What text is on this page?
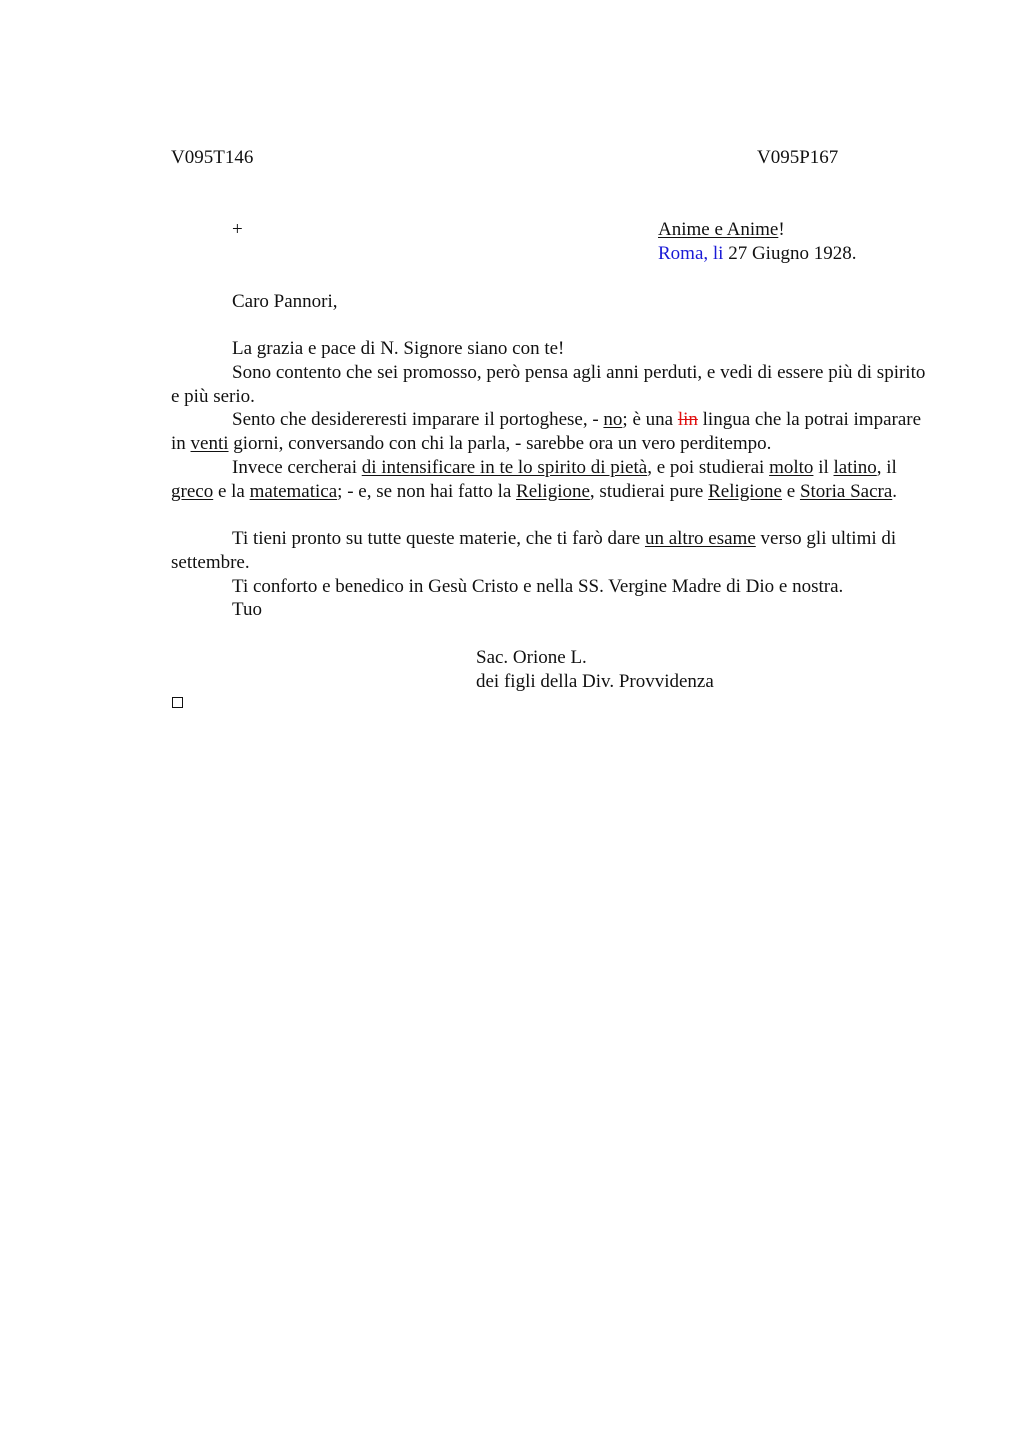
V095T146	V095P167
+	Anime e Anime!
Roma, li 27 Giugno 1928.
Caro Pannori,

La grazia e pace di N. Signore siano con te!

Sono contento che sei promosso, però pensa agli anni perduti, e vedi di essere più di spirito e più serio.

Sento che desidereresti imparare il portoghese, - no; è una lin lingua che la potrai imparare in venti giorni, conversando con chi la parla, - sarebbe ora un vero perditempo.

Invece cercherai di intensificare in te lo spirito di pietà, e poi studierai molto il latino, il greco e la matematica; - e, se non hai fatto la Religione, studierai pure Religione e Storia Sacra.

Ti tieni pronto su tutte queste materie, che ti farò dare un altro esame verso gli ultimi di settembre.

Ti conforto e benedico in Gesù Cristo e nella SS. Vergine Madre di Dio e nostra.

Tuo

Sac. Orione L.
dei figli della Div. Provvidenza
